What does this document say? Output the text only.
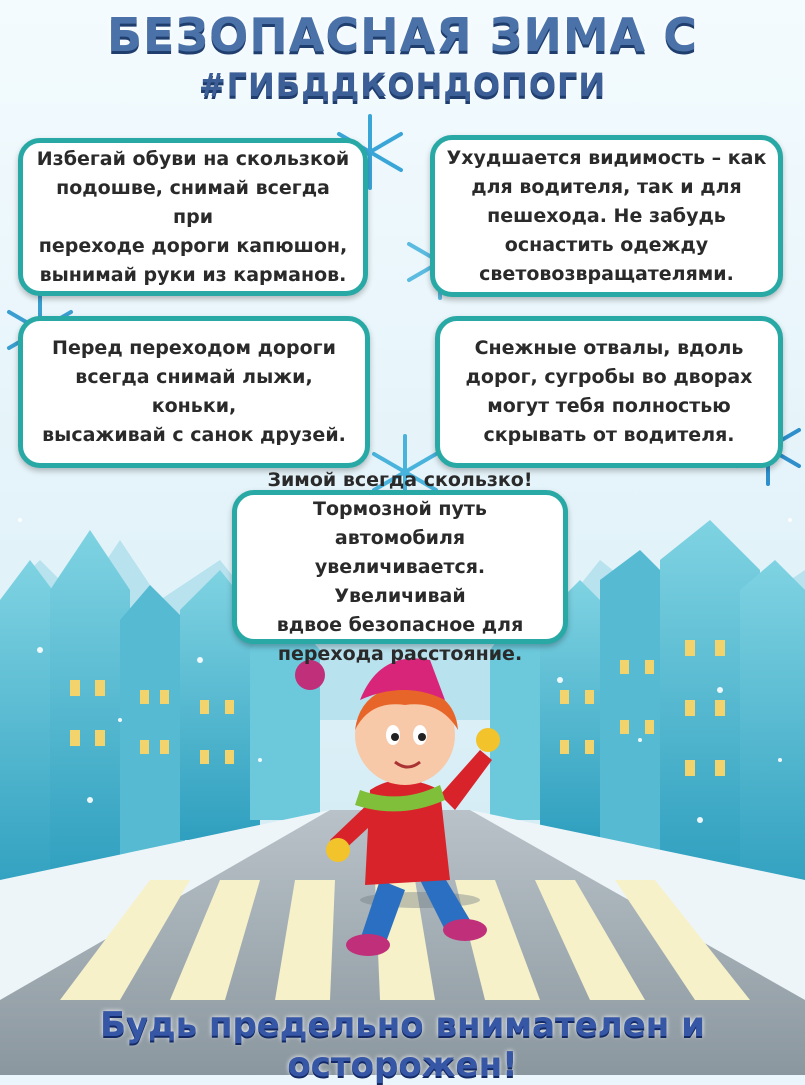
БЕЗОПАСНАЯ ЗИМА С
#ГИБДДКОНДОПОГИ
Избегай обуви на скользкой
подошве, снимай всегда при
переходе дороги капюшон,
вынимай руки из карманов.
Ухудшается видимость – как
для водителя, так и для
пешехода. Не забудь
оснастить одежду
световозвращателями.
Перед переходом дороги
всегда снимай лыжи, коньки,
высаживай с санок друзей.
Снежные отвалы, вдоль
дорог, сугробы во дворах
могут тебя полностью
скрывать от водителя.
Зимой всегда скользко!
Тормозной путь автомобиля
увеличивается. Увеличивай
вдвое безопасное для
перехода расстояние.
Будь предельно внимателен и осторожен!
